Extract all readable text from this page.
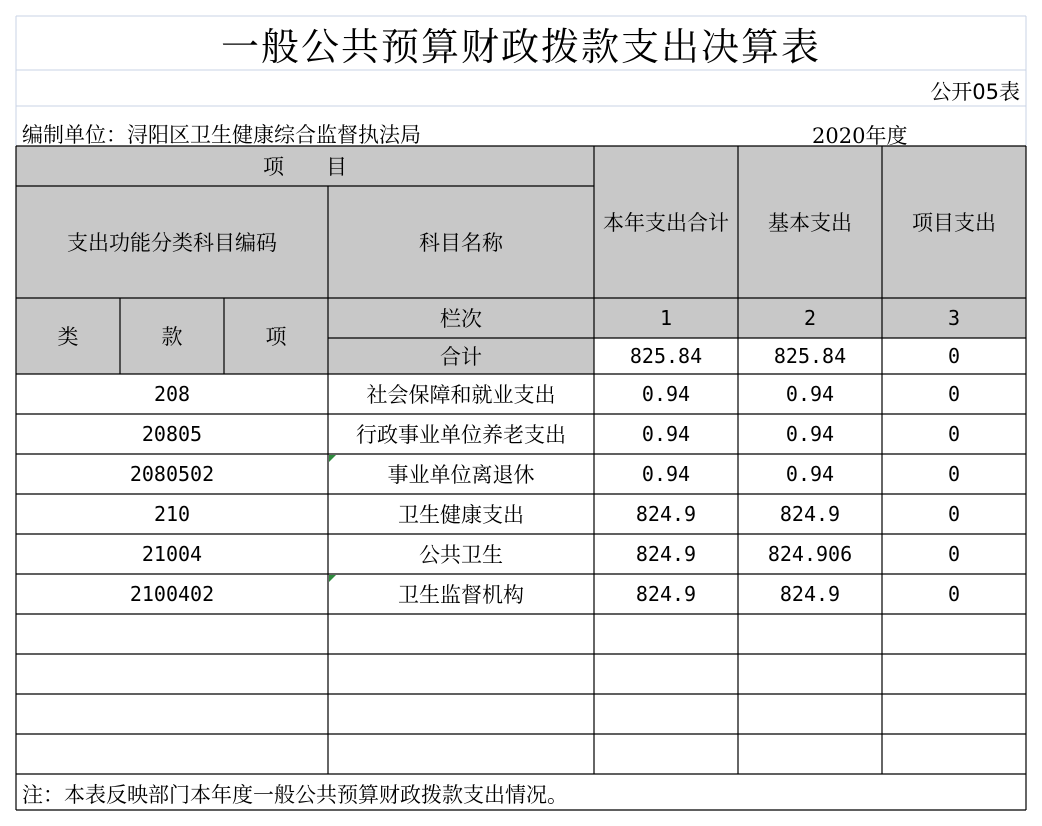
项　　目
支出功能分类科目编码	科目名称
本年支出合计	基本支出	项目支出
类	款	项
栏次	1	2	3
合计	825.84	825.84	0
208	社会保障和就业支出	0.94	0.94	0
20805	行政事业单位养老支出	0.94	0.94	0
2080502	事业单位离退休	0.94	0.94	0
210	卫生健康支出	824.9	824.9	0
21004	公共卫生	824.9	824.906	0
2100402	卫生监督机构	824.9	824.9	0
一般公共预算财政拨款支出决算表
公开05表
编制单位：浔阳区卫生健康综合监督执法局	2020年度
注：本表反映部门本年度一般公共预算财政拨款支出情况。
